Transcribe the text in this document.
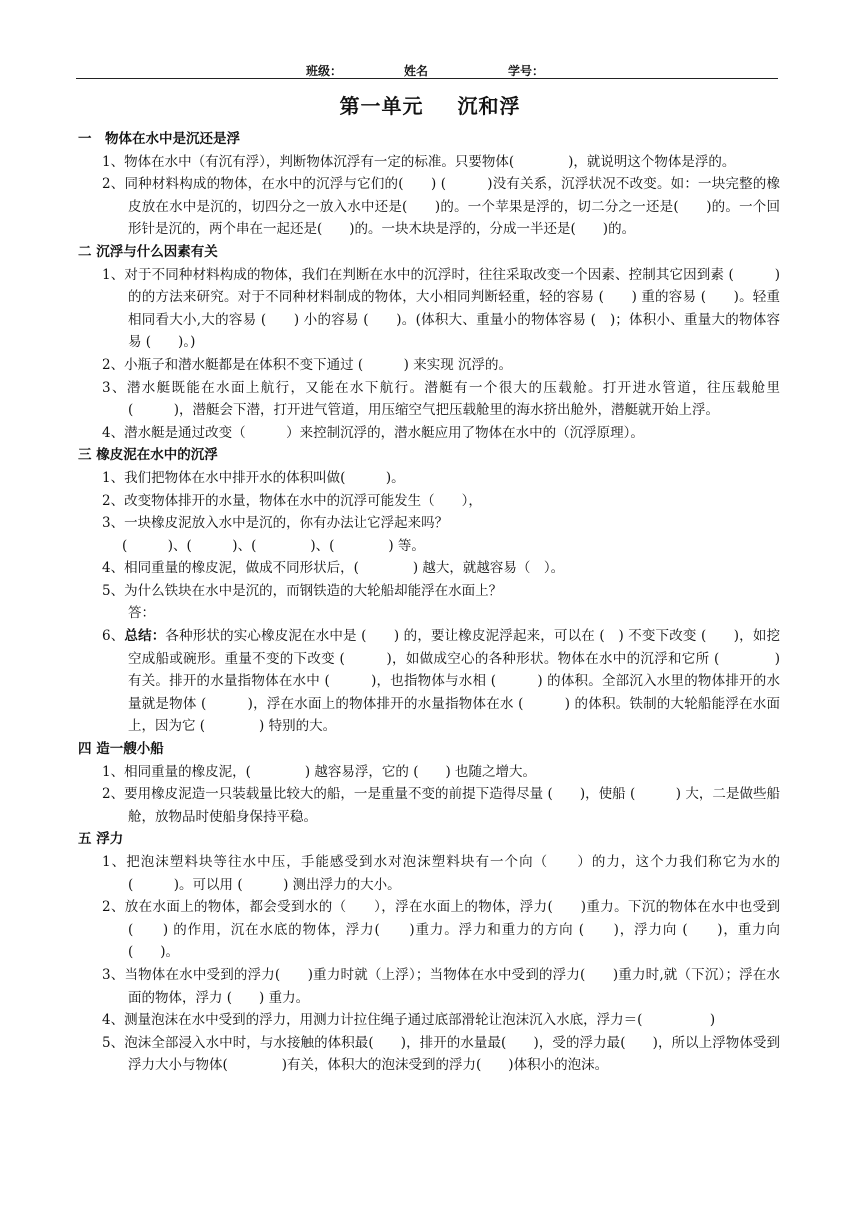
班级：	姓名	学号：
第一单元 沉和浮

一　物体在水中是沉还是浮

1、物体在水中（有沉有浮），判断物体沉浮有一定的标准。只要物体(　　　　)，就说明这个物体是浮的。

2、同种材料构成的物体，在水中的沉浮与它们的(　　) (　　　)没有关系，沉浮状况不改变。如：一块完整的橡皮放在水中是沉的，切四分之一放入水中还是(　　)的。一个苹果是浮的，切二分之一还是(　　)的。一个回形针是沉的，两个串在一起还是(　　)的。一块木块是浮的，分成一半还是(　　)的。

二 沉浮与什么因素有关

1、对于不同种材料构成的物体，我们在判断在水中的沉浮时，往往采取改变一个因素、控制其它因到素 (　　　) 的的方法来研究。对于不同种材料制成的物体，大小相同判断轻重，轻的容易 (　　) 重的容易 (　　)。轻重相同看大小,大的容易 (　　) 小的容易 (　　)。(体积大、重量小的物体容易 (　)；体积小、重量大的物体容易 (　　)。)

2、小瓶子和潜水艇都是在体积不变下通过 (　　　) 来实现 沉浮的。

3、潜水艇既能在水面上航行，又能在水下航行。潜艇有一个很大的压载舱。打开进水管道，往压载舱里 (　　　)，潜艇会下潜，打开进气管道，用压缩空气把压载舱里的海水挤出舱外，潜艇就开始上浮。

4、潜水艇是通过改变（　　　）来控制沉浮的，潜水艇应用了物体在水中的（沉浮原理）。

三 橡皮泥在水中的沉浮

1、我们把物体在水中排开水的体积叫做(　　　)。

2、改变物体排开的水量，物体在水中的沉浮可能发生（　　），

3、一块橡皮泥放入水中是沉的，你有办法让它浮起来吗？

(　　　)、(　　　)、(　　　　)、(　　　　) 等。

4、相同重量的橡皮泥，做成不同形状后，(　　　　) 越大，就越容易（　）。

5、为什么铁块在水中是沉的，而钢铁造的大轮船却能浮在水面上？

答：

6、总结：各种形状的实心橡皮泥在水中是 (　　) 的，要让橡皮泥浮起来，可以在 (　) 不变下改变 (　　)，如挖空成船或碗形。重量不变的下改变 (　　　)，如做成空心的各种形状。物体在水中的沉浮和它所 (　　　　) 有关。排开的水量指物体在水中 (　　　)，也指物体与水相 (　　　) 的体积。全部沉入水里的物体排开的水量就是物体 (　　　)，浮在水面上的物体排开的水量指物体在水 (　　　) 的体积。铁制的大轮船能浮在水面上，因为它 (　　　　) 特别的大。

四 造一艘小船

1、相同重量的橡皮泥，(　　　　) 越容易浮，它的 (　　) 也随之增大。

2、要用橡皮泥造一只装载量比较大的船，一是重量不变的前提下造得尽量 (　　)，使船 (　　　) 大，二是做些船舱，放物品时使船身保持平稳。

五 浮力

1、把泡沫塑料块等往水中压，手能感受到水对泡沫塑料块有一个向（　　）的力，这个力我们称它为水的 (　　　)。可以用 (　　　) 测出浮力的大小。

2、放在水面上的物体，都会受到水的（　　），浮在水面上的物体，浮力(　　)重力。下沉的物体在水中也受到 (　　) 的作用，沉在水底的物体，浮力(　　)重力。浮力和重力的方向 (　　)，浮力向 (　　)，重力向 (　　)。

3、当物体在水中受到的浮力(　　)重力时就（上浮）；当物体在水中受到的浮力(　　)重力时,就（下沉）；浮在水面的物体，浮力 (　　) 重力。

4、测量泡沫在水中受到的浮力，用测力计拉住绳子通过底部滑轮让泡沫沉入水底，浮力＝(　　　　　)

5、泡沫全部浸入水中时，与水接触的体积最(　　)，排开的水量最(　　)，受的浮力最(　　)，所以上浮物体受到浮力大小与物体(　　　　)有关，体积大的泡沫受到的浮力(　　)体积小的泡沫。
